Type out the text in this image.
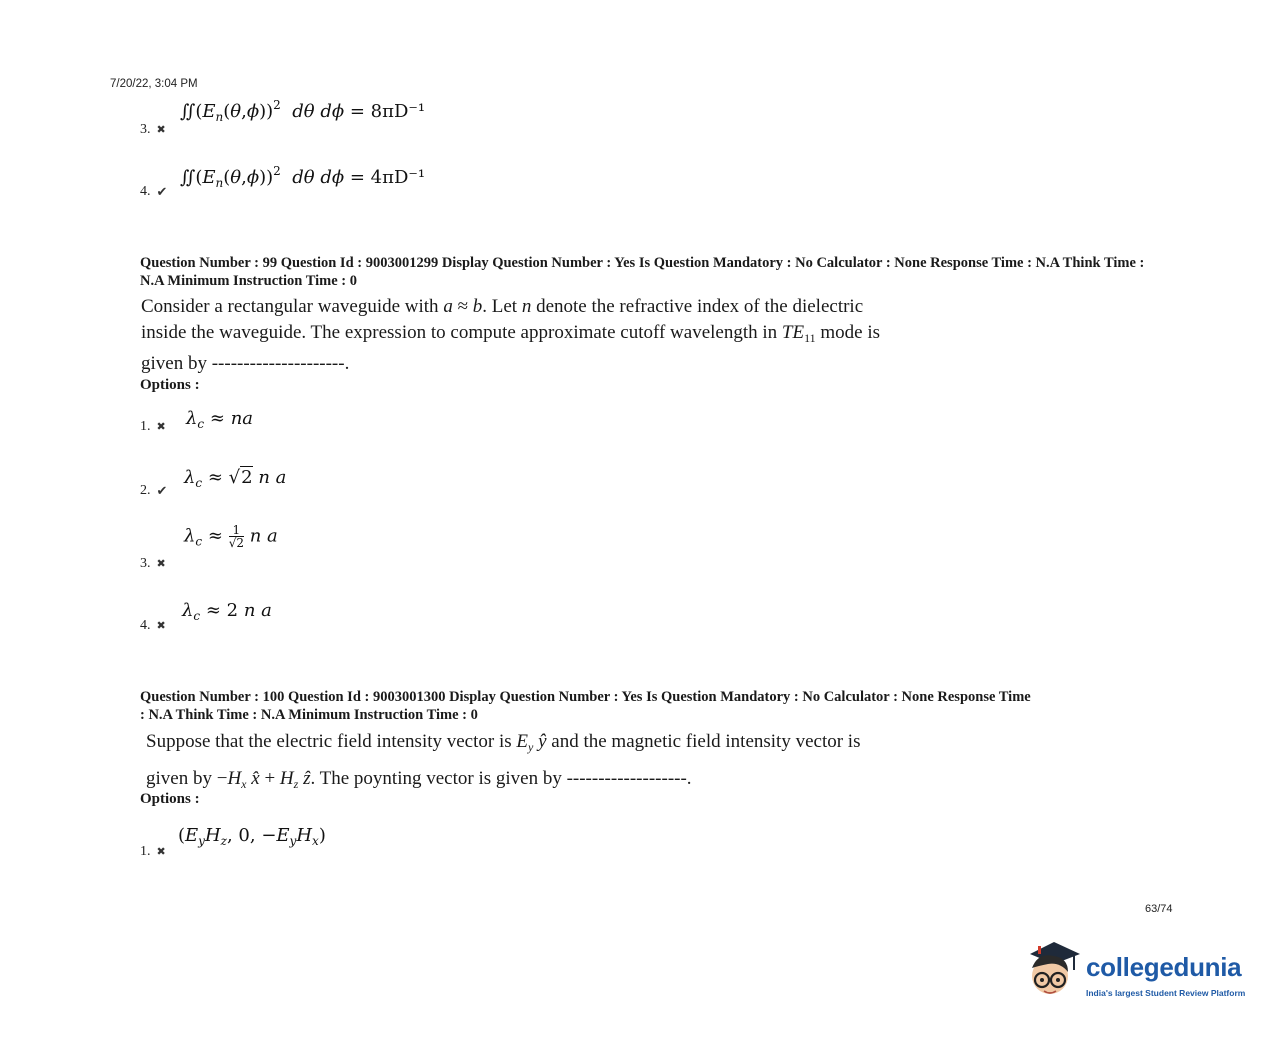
7/20/22, 3:04 PM
3. ✖
$∬(E_n(\theta,\phi))^2$ dθ dϕ = 8πD⁻¹
4. ✔
$∬(E_n(\theta,\phi))^2$ dθ dϕ = 4πD⁻¹
Question Number : 99 Question Id : 9003001299 Display Question Number : Yes Is Question Mandatory : No Calculator : None Response Time : N.A Think Time : N.A Minimum Instruction Time : 0
Consider a rectangular waveguide with a ≈ b. Let n denote the refractive index of the dielectric
inside the waveguide. The expression to compute approximate cutoff wavelength in $TE_{11}$ mode is
given by ---------------------.
Options :
1. ✖ $\lambda_c$ ≈ na
2. ✔
$\lambda_c \approx √2$ n a
3. ✖
$\lambda_c \approx \frac{1}{√2}$ n a
4. ✖
$\lambda_c \approx 2$ n a
Question Number : 100 Question Id : 9003001300 Display Question Number : Yes Is Question Mandatory : No Calculator : None Response Time
: N.A Think Time : N.A Minimum Instruction Time : 0
Suppose that the electric field intensity vector is $E_y$ ŷ and the magnetic field intensity vector is
given by $-H_x$ x̂ + $H_z$ ẑ. The poynting vector is given by -------------------.
Options :
1. ✖
($E_yH_z$, 0, $-E_yH_x$)
63/74
collegedunia
India's largest Student Review Platform
